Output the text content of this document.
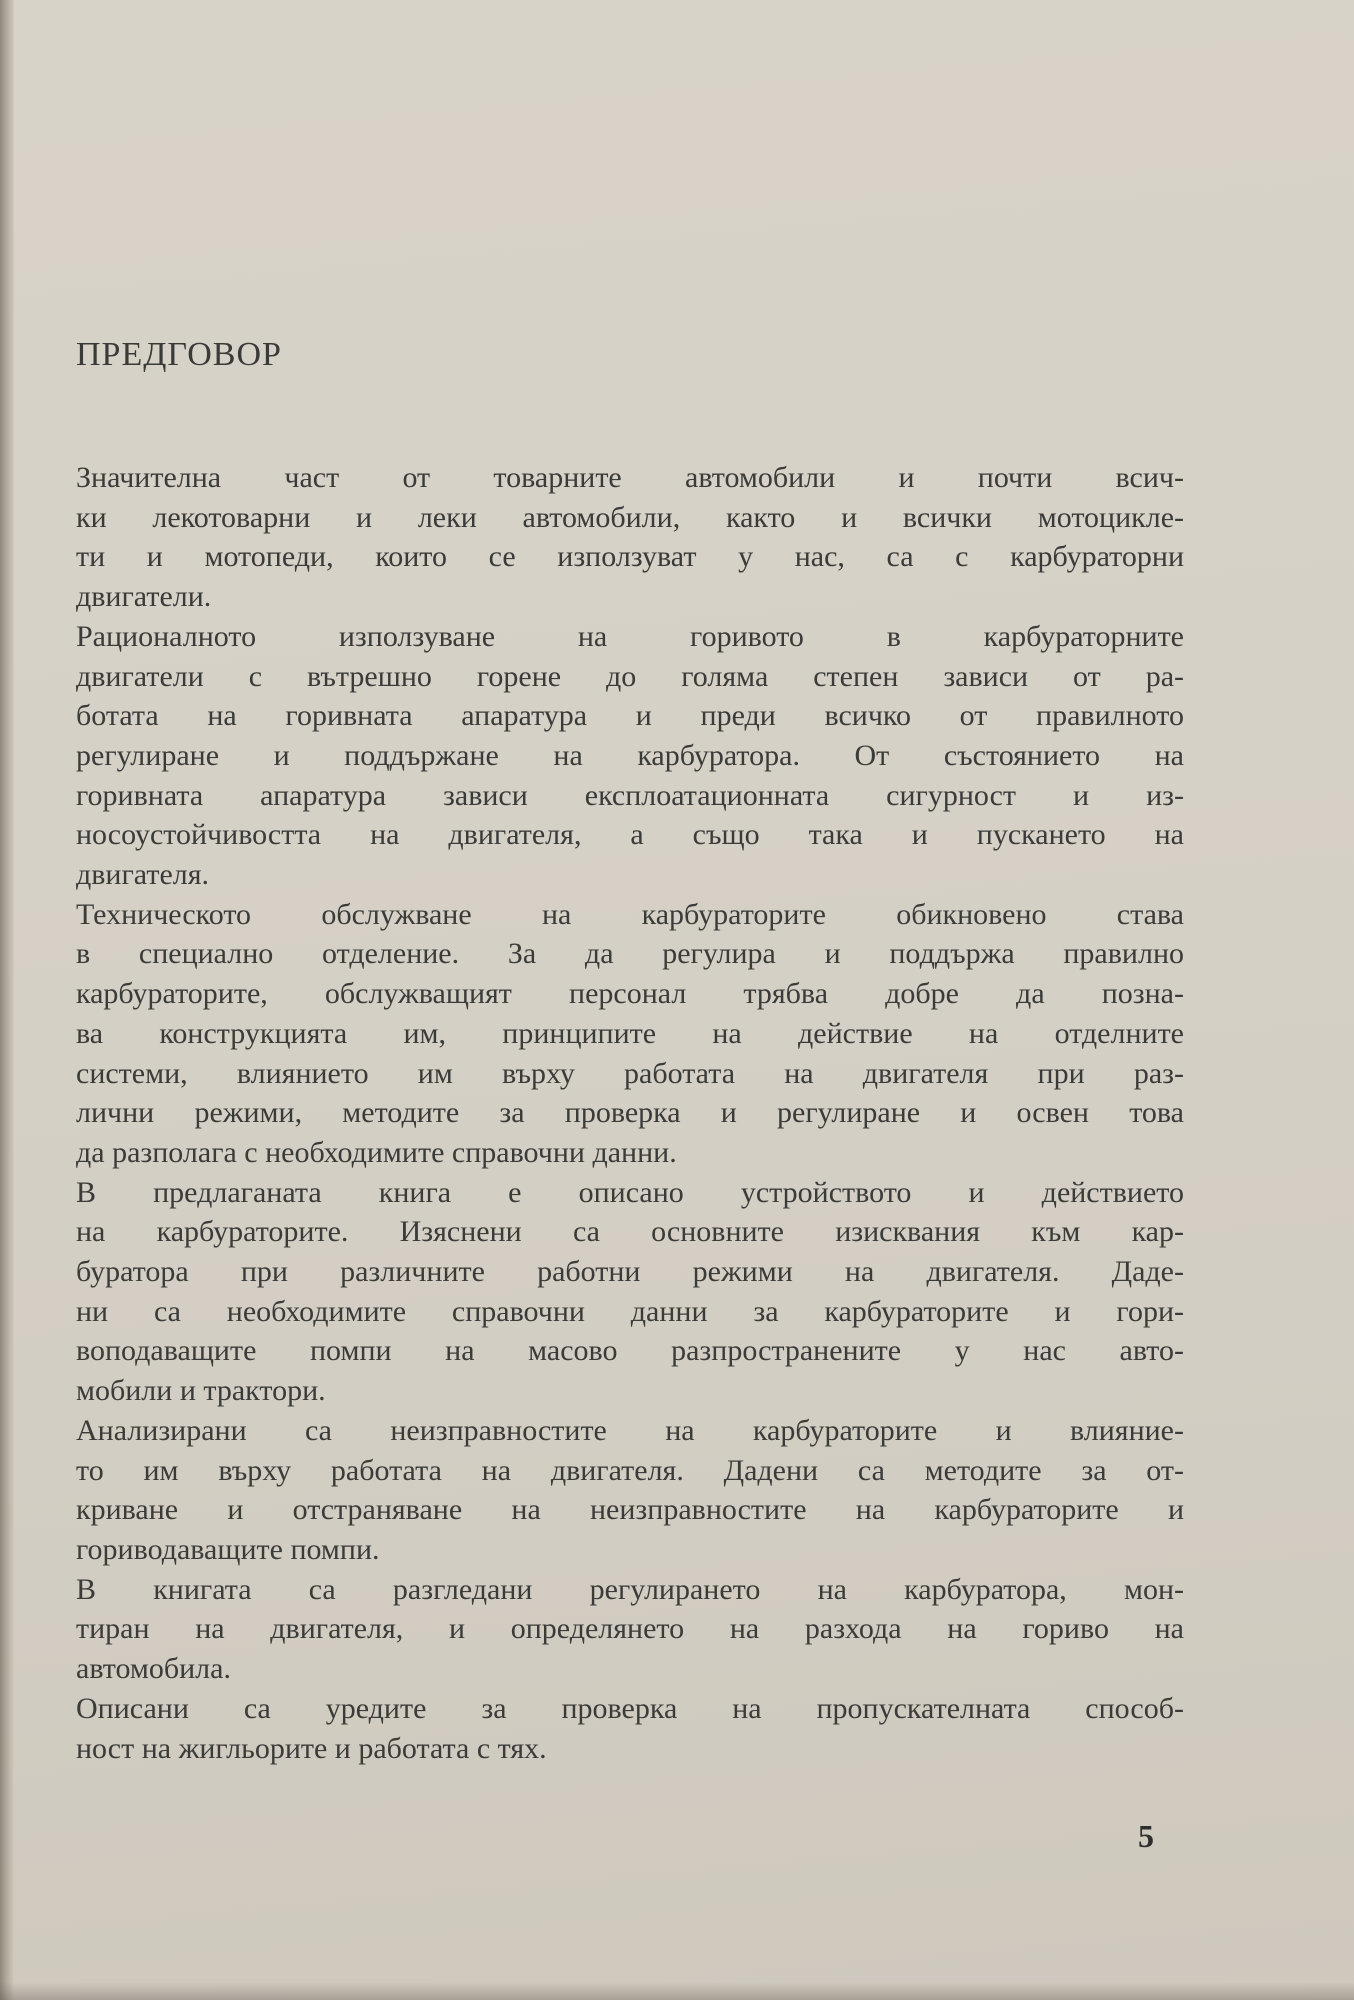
ПРЕДГОВОР

Значителна част от товарните автомобили и почти всич-
ки лекотоварни и леки автомобили, както и всички мотоцикле-
ти и мотопеди, които се използуват у нас, са с карбураторни
двигатели.

Рационалното използуване на горивото в карбураторните
двигатели с вътрешно горене до голяма степен зависи от ра-
ботата на горивната апаратура и преди всичко от правилното
регулиране и поддържане на карбуратора. От състоянието на
горивната апаратура зависи експлоатационната сигурност и из-
носоустойчивостта на двигателя, а също така и пускането на
двигателя.

Техническото обслужване на карбураторите обикновено става
в специално отделение. За да регулира и поддържа правилно
карбураторите, обслужващият персонал трябва добре да позна-
ва конструкцията им, принципите на действие на отделните
системи, влиянието им върху работата на двигателя при раз-
лични режими, методите за проверка и регулиране и освен това
да разполага с необходимите справочни данни.

В предлаганата книга е описано устройството и действието
на карбураторите. Изяснени са основните изисквания към кар-
буратора при различните работни режими на двигателя. Даде-
ни са необходимите справочни данни за карбураторите и гори-
воподаващите помпи на масово разпространените у нас авто-
мобили и трактори.

Анализирани са неизправностите на карбураторите и влияние-
то им върху работата на двигателя. Дадени са методите за от-
криване и отстраняване на неизправностите на карбураторите и
гориводаващите помпи.

В книгата са разгледани регулирането на карбуратора, мон-
тиран на двигателя, и определянето на разхода на гориво на
автомобила.

Описани са уредите за проверка на пропускателната способ-
ност на жигльорите и работата с тях.

5
